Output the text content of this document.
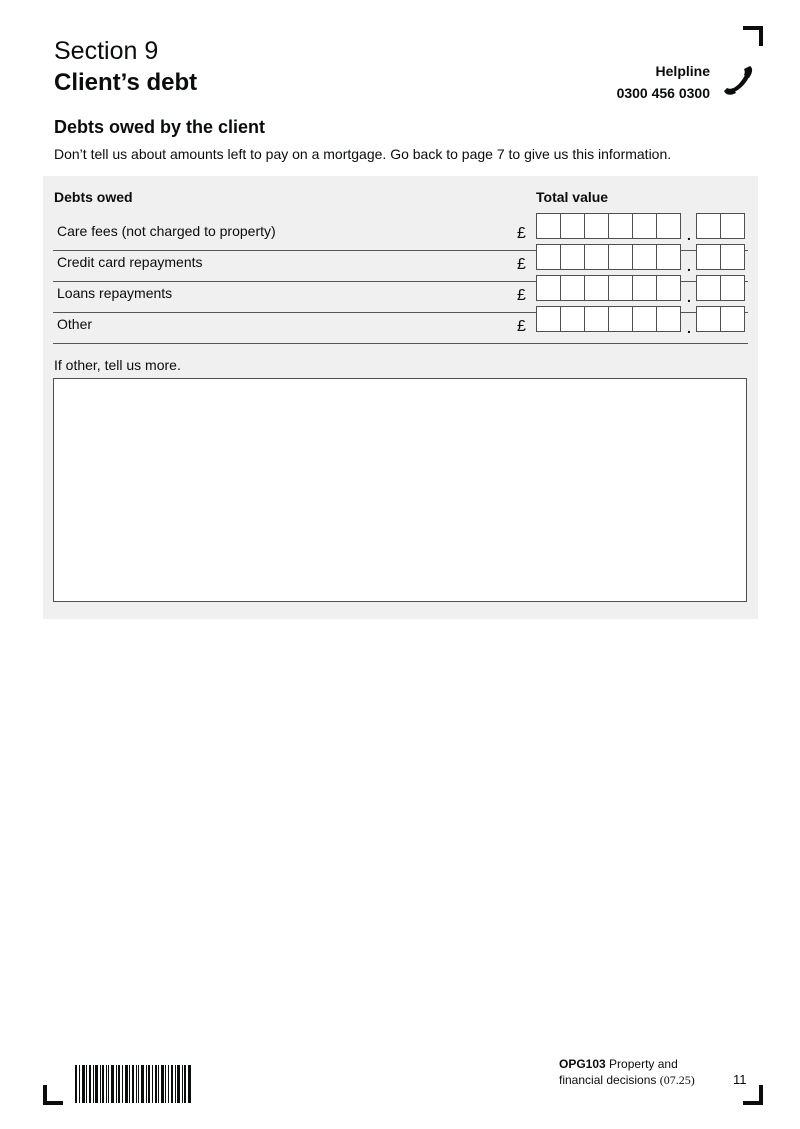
Section 9
Client’s debt	Helpline
0300 456 0300
Debts owed by the client
Don’t tell us about amounts left to pay on a mortgage. Go back to page 7 to give us this information.
Debts owed	Total value
Care fees (not charged to property)	£	.
Credit card repayments	£	.
Loans repayments	£	.
Other	£	.
If other, tell us more.
OPG103 Property and
financial decisions (07.25)	11
